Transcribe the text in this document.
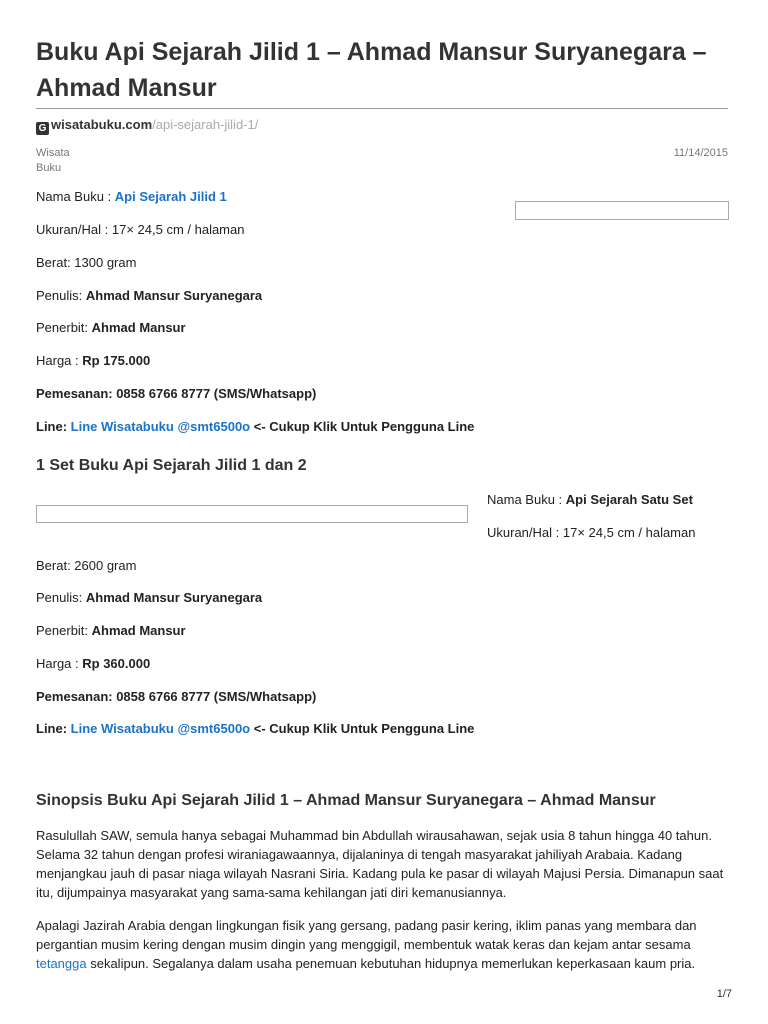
Buku Api Sejarah Jilid 1 – Ahmad Mansur Suryanegara – Ahmad Mansur
G wisatabuku.com/api-sejarah-jilid-1/
Wisata
Buku
11/14/2015
Nama Buku : Api Sejarah Jilid 1
Ukuran/Hal : 17× 24,5 cm / halaman
Berat: 1300 gram
Penulis: Ahmad Mansur Suryanegara
Penerbit: Ahmad Mansur
Harga : Rp 175.000
Pemesanan: 0858 6766 8777 (SMS/Whatsapp)
Line: Line Wisatabuku @smt6500o <- Cukup Klik Untuk Pengguna Line
1 Set Buku Api Sejarah Jilid 1 dan 2
Nama Buku : Api Sejarah Satu Set
Ukuran/Hal : 17× 24,5 cm / halaman
Berat: 2600 gram
Penulis: Ahmad Mansur Suryanegara
Penerbit: Ahmad Mansur
Harga : Rp 360.000
Pemesanan: 0858 6766 8777 (SMS/Whatsapp)
Line: Line Wisatabuku @smt6500o <- Cukup Klik Untuk Pengguna Line
Sinopsis Buku Api Sejarah Jilid 1 – Ahmad Mansur Suryanegara – Ahmad Mansur

Rasulullah SAW, semula hanya sebagai Muhammad bin Abdullah wirausahawan, sejak usia 8 tahun hingga 40 tahun. Selama 32 tahun dengan profesi wiraniagawaannya, dijalaninya di tengah masyarakat jahiliyah Arabaia. Kadang menjangkau jauh di pasar niaga wilayah Nasrani Siria. Kadang pula ke pasar di wilayah Majusi Persia. Dimanapun saat itu, dijumpainya masyarakat yang sama-sama kehilangan jati diri kemanusiannya.

Apalagi Jazirah Arabia dengan lingkungan fisik yang gersang, padang pasir kering, iklim panas yang membara dan pergantian musim kering dengan musim dingin yang menggigil, membentuk watak keras dan kejam antar sesama tetangga sekalipun. Segalanya dalam usaha penemuan kebutuhan hidupnya memerlukan keperkasaan kaum pria.

1/7
